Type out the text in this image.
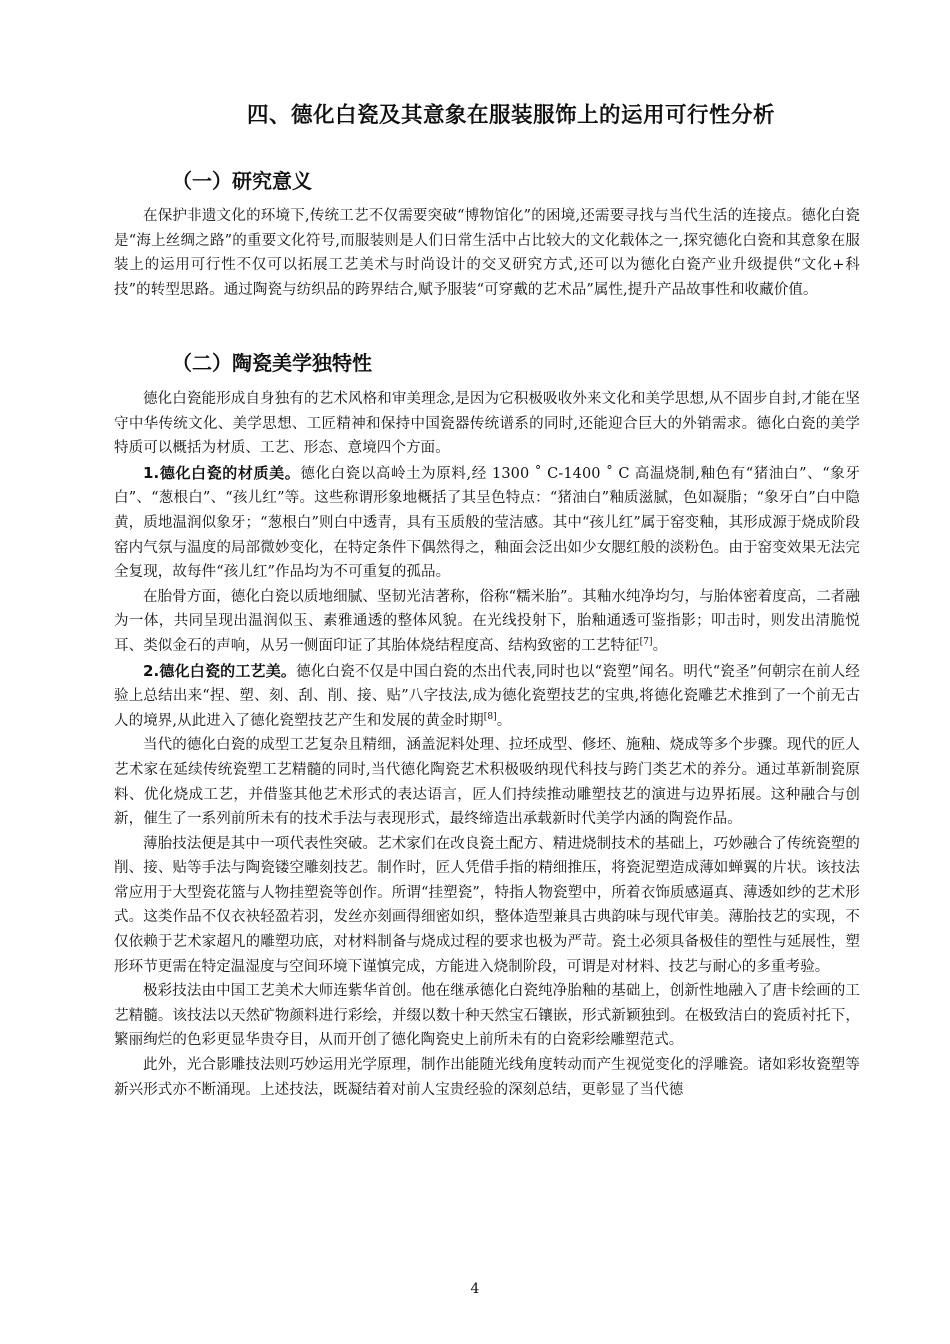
四、德化白瓷及其意象在服装服饰上的运用可行性分析
（一）研究意义

在保护非遗文化的环境下,传统工艺不仅需要突破“博物馆化”的困境,还需要寻找与当代生活的连接点。德化白瓷是“海上丝绸之路”的重要文化符号,而服装则是人们日常生活中占比较大的文化载体之一,探究德化白瓷和其意象在服装上的运用可行性不仅可以拓展工艺美术与时尚设计的交叉研究方式,还可以为德化白瓷产业升级提供“文化+科技”的转型思路。通过陶瓷与纺织品的跨界结合,赋予服装“可穿戴的艺术品”属性,提升产品故事性和收藏价值。

（二）陶瓷美学独特性

德化白瓷能形成自身独有的艺术风格和审美理念,是因为它积极吸收外来文化和美学思想,从不固步自封,才能在坚守中华传统文化、美学思想、工匠精神和保持中国瓷器传统谱系的同时,还能迎合巨大的外销需求。德化白瓷的美学特质可以概括为材质、工艺、形态、意境四个方面。

1.德化白瓷的材质美。德化白瓷以高岭土为原料,经 1300 ˚ C-1400 ˚ C 高温烧制,釉色有“猪油白”、“象牙白”、“葱根白”、“孩儿红”等。这些称谓形象地概括了其呈色特点：“猪油白”釉质滋腻，色如凝脂；“象牙白”白中隐黄，质地温润似象牙；“葱根白”则白中透青，具有玉质般的莹洁感。其中“孩儿红”属于窑变釉，其形成源于烧成阶段窑内气氛与温度的局部微妙变化，在特定条件下偶然得之，釉面会泛出如少女腮红般的淡粉色。由于窑变效果无法完全复现，故每件“孩儿红”作品均为不可重复的孤品。

在胎骨方面，德化白瓷以质地细腻、坚韧光洁著称，俗称“糯米胎”。其釉水纯净均匀，与胎体密着度高，二者融为一体，共同呈现出温润似玉、素雅通透的整体风貌。在光线投射下，胎釉通透可鉴指影；叩击时，则发出清脆悦耳、类似金石的声响，从另一侧面印证了其胎体烧结程度高、结构致密的工艺特征[7]。

2.德化白瓷的工艺美。德化白瓷不仅是中国白瓷的杰出代表,同时也以“瓷塑”闻名。明代“瓷圣”何朝宗在前人经验上总结出来“捏、塑、刻、刮、削、接、贴”八字技法,成为德化瓷塑技艺的宝典,将德化瓷雕艺术推到了一个前无古人的境界,从此进入了德化瓷塑技艺产生和发展的黄金时期[8]。

当代的德化白瓷的成型工艺复杂且精细，涵盖泥料处理、拉坯成型、修坯、施釉、烧成等多个步骤。现代的匠人艺术家在延续传统瓷塑工艺精髓的同时,当代德化陶瓷艺术积极吸纳现代科技与跨门类艺术的养分。通过革新制瓷原料、优化烧成工艺，并借鉴其他艺术形式的表达语言，匠人们持续推动雕塑技艺的演进与边界拓展。这种融合与创新，催生了一系列前所未有的技术手法与表现形式，最终缔造出承载新时代美学内涵的陶瓷作品。

薄胎技法便是其中一项代表性突破。艺术家们在改良瓷土配方、精进烧制技术的基础上，巧妙融合了传统瓷塑的削、接、贴等手法与陶瓷镂空雕刻技艺。制作时，匠人凭借手指的精细推压，将瓷泥塑造成薄如蝉翼的片状。该技法常应用于大型瓷花篮与人物挂塑瓷等创作。所谓“挂塑瓷”，特指人物瓷塑中，所着衣饰质感逼真、薄透如纱的艺术形式。这类作品不仅衣袂轻盈若羽，发丝亦刻画得细密如织，整体造型兼具古典韵味与现代审美。薄胎技艺的实现，不仅依赖于艺术家超凡的雕塑功底，对材料制备与烧成过程的要求也极为严苛。瓷土必须具备极佳的塑性与延展性，塑形环节更需在特定温湿度与空间环境下谨慎完成，方能进入烧制阶段，可谓是对材料、技艺与耐心的多重考验。

极彩技法由中国工艺美术大师连紫华首创。他在继承德化白瓷纯净胎釉的基础上，创新性地融入了唐卡绘画的工艺精髓。该技法以天然矿物颜料进行彩绘，并缀以数十种天然宝石镶嵌，形式新颖独到。在极致洁白的瓷质衬托下，繁丽绚烂的色彩更显华贵夺目，从而开创了德化陶瓷史上前所未有的白瓷彩绘雕塑范式。

此外，光合影雕技法则巧妙运用光学原理，制作出能随光线角度转动而产生视觉变化的浮雕瓷。诸如彩妆瓷塑等新兴形式亦不断涌现。上述技法，既凝结着对前人宝贵经验的深刻总结，更彰显了当代德

4
